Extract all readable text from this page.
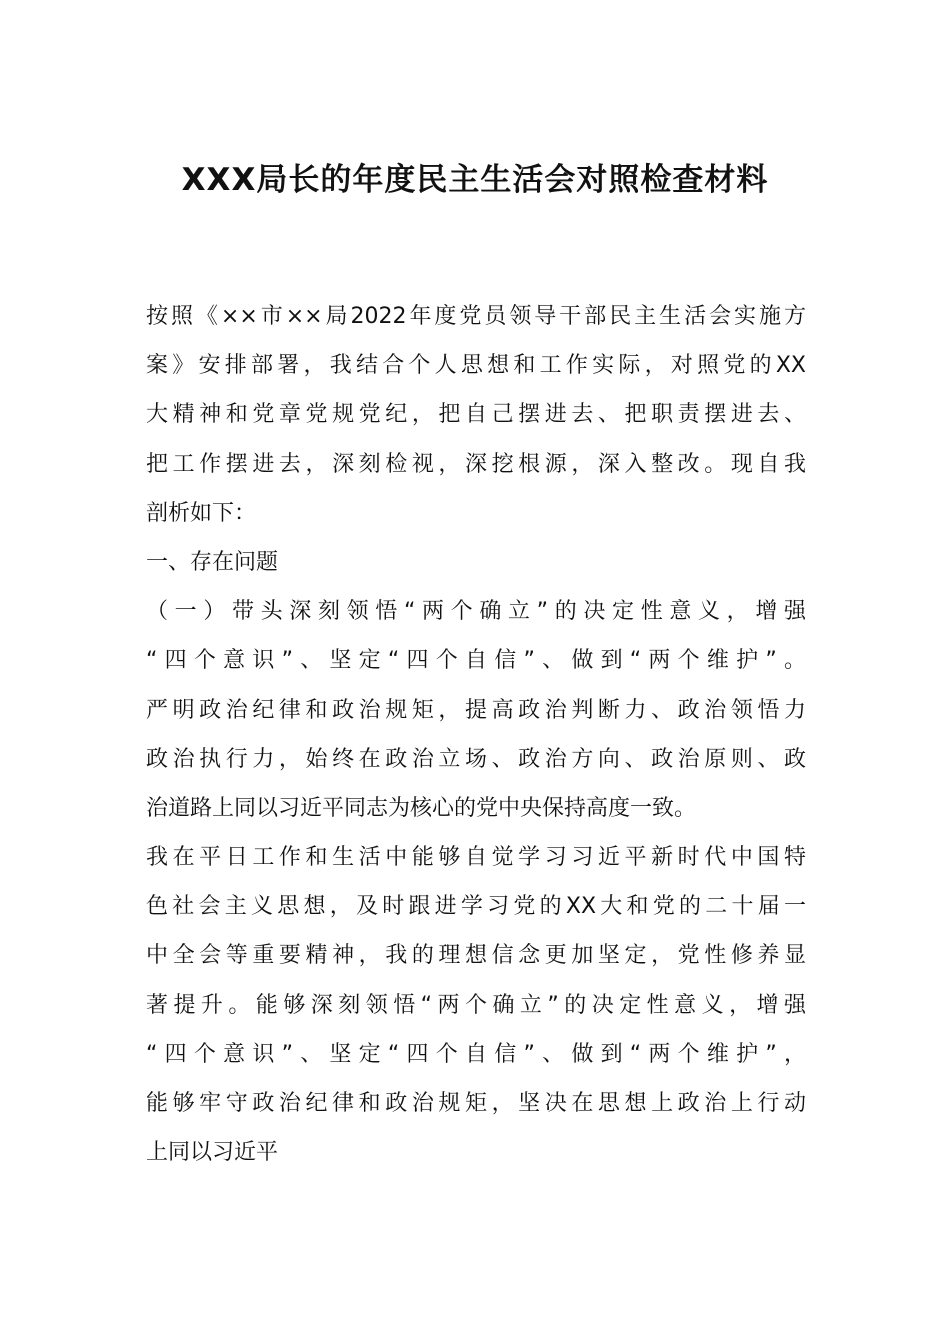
XXX局长的年度民主生活会对照检查材料
按照《××市××局2022年度党员领导干部民主生活会实施方
案》安排部署，我结合个人思想和工作实际，对照党的XX
大精神和党章党规党纪，把自己摆进去、把职责摆进去、
把工作摆进去，深刻检视，深挖根源，深入整改。现自我
剖析如下：
一、存在问题
（一）带头深刻领悟“两个确立”的决定性意义，增强
“四个意识”、坚定“四个自信”、做到“两个维护”。
严明政治纪律和政治规矩，提高政治判断力、政治领悟力
政治执行力，始终在政治立场、政治方向、政治原则、政
治道路上同以习近平同志为核心的党中央保持高度一致。
我在平日工作和生活中能够自觉学习习近平新时代中国特
色社会主义思想，及时跟进学习党的XX大和党的二十届一
中全会等重要精神，我的理想信念更加坚定，党性修养显
著提升。能够深刻领悟“两个确立”的决定性意义，增强
“四个意识”、坚定“四个自信”、做到“两个维护”，
能够牢守政治纪律和政治规矩，坚决在思想上政治上行动
上同以习近平
